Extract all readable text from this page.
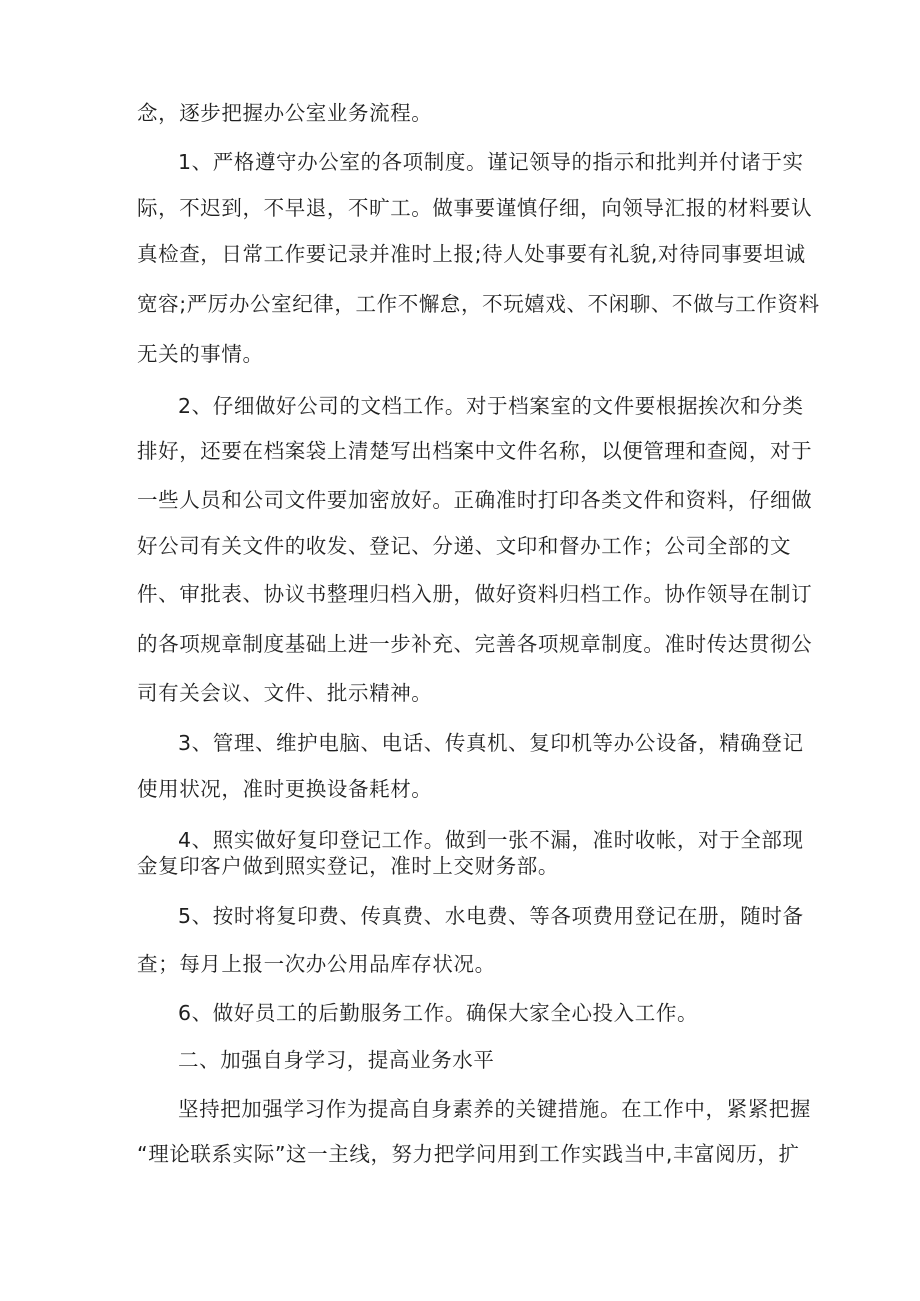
念，逐步把握办公室业务流程。
1、严格遵守办公室的各项制度。谨记领导的指示和批判并付诸于实
际，不迟到，不早退，不旷工。做事要谨慎仔细，向领导汇报的材料要认
真检查，日常工作要记录并准时上报;待人处事要有礼貌,对待同事要坦诚
宽容;严厉办公室纪律，工作不懈怠，不玩嬉戏、不闲聊、不做与工作资料
无关的事情。
2、仔细做好公司的文档工作。对于档案室的文件要根据挨次和分类
排好，还要在档案袋上清楚写出档案中文件名称，以便管理和查阅，对于
一些人员和公司文件要加密放好。正确准时打印各类文件和资料，仔细做
好公司有关文件的收发、登记、分递、文印和督办工作；公司全部的文
件、审批表、协议书整理归档入册，做好资料归档工作。协作领导在制订
的各项规章制度基础上进一步补充、完善各项规章制度。准时传达贯彻公
司有关会议、文件、批示精神。
3、管理、维护电脑、电话、传真机、复印机等办公设备，精确登记
使用状况，准时更换设备耗材。
4、照实做好复印登记工作。做到一张不漏，准时收帐，对于全部现
金复印客户做到照实登记，准时上交财务部。
5、按时将复印费、传真费、水电费、等各项费用登记在册，随时备
查；每月上报一次办公用品库存状况。
6、做好员工的后勤服务工作。确保大家全心投入工作。
二、加强自身学习，提高业务水平
坚持把加强学习作为提高自身素养的关键措施。在工作中，紧紧把握
“理论联系实际”这一主线，努力把学问用到工作实践当中,丰富阅历，扩
